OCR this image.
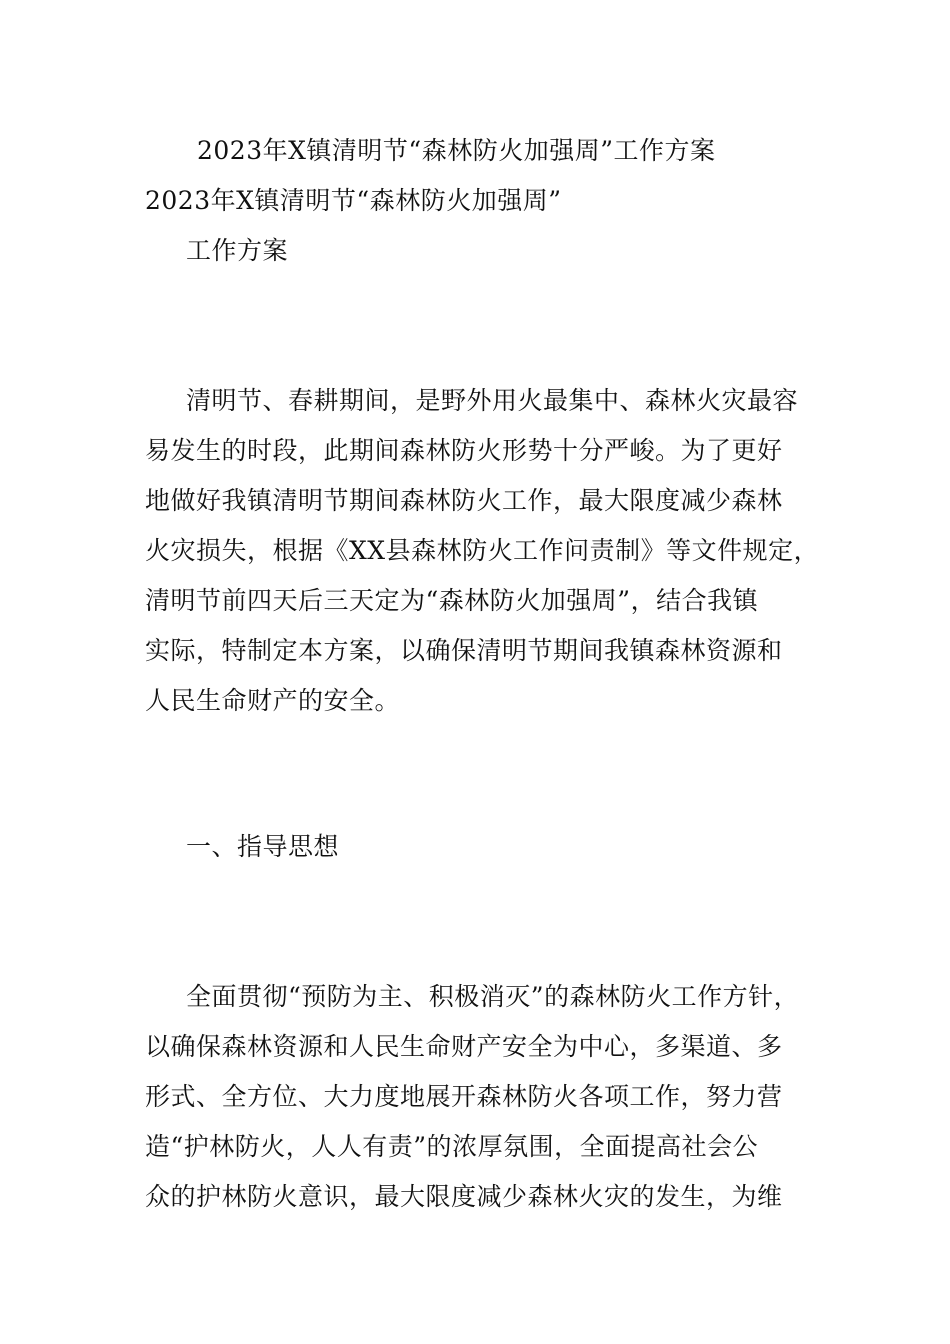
2023年X镇清明节“森林防火加强周”工作方案
2023年X镇清明节“森林防火加强周”
工作方案
清明节、春耕期间，是野外用火最集中、森林火灾最容
易发生的时段，此期间森林防火形势十分严峻。为了更好
地做好我镇清明节期间森林防火工作，最大限度减少森林
火灾损失，根据《XX县森林防火工作问责制》等文件规定，
清明节前四天后三天定为“森林防火加强周”，结合我镇
实际，特制定本方案，以确保清明节期间我镇森林资源和
人民生命财产的安全。
一、指导思想
全面贯彻“预防为主、积极消灭”的森林防火工作方针，
以确保森林资源和人民生命财产安全为中心，多渠道、多
形式、全方位、大力度地展开森林防火各项工作，努力营
造“护林防火，人人有责”的浓厚氛围，全面提高社会公
众的护林防火意识，最大限度减少森林火灾的发生，为维
